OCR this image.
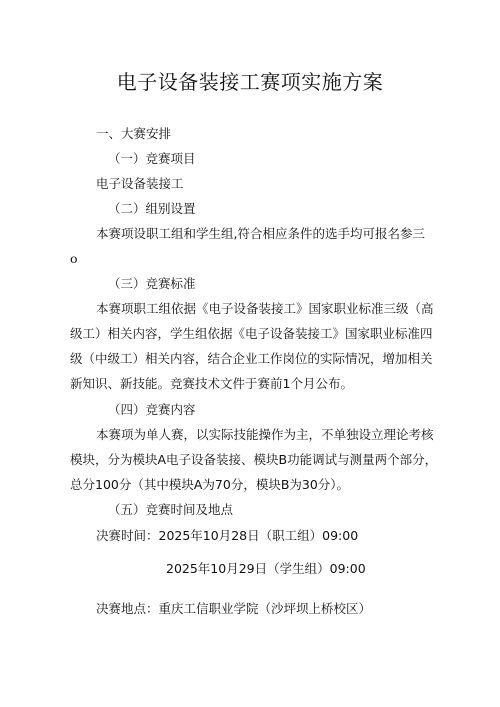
电子设备装接工赛项实施方案
一、大赛安排
（一）竞赛项目
电子设备装接工
（二）组别设置
本赛项设职工组和学生组,符合相应条件的选手均可报名参三
o
（三）竞赛标准
本赛项职工组依据《电子设备装接工》国家职业标准三级（高
级工）相关内容，学生组依据《电子设备装接工》国家职业标准四
级（中级工）相关内容，结合企业工作岗位的实际情况，增加相关
新知识、新技能。竞赛技术文件于赛前1个月公布。
（四）竞赛内容
本赛项为单人赛，以实际技能操作为主，不单独设立理论考核
模块，分为模块A电子设备装接、模块B功能调试与测量两个部分，
总分100分（其中模块A为70分，模块B为30分）。
（五）竞赛时间及地点
决赛时间：2025年10月28日（职工组）09:00
2025年10月29日（学生组）09:00
决赛地点：重庆工信职业学院（沙坪坝上桥校区）
